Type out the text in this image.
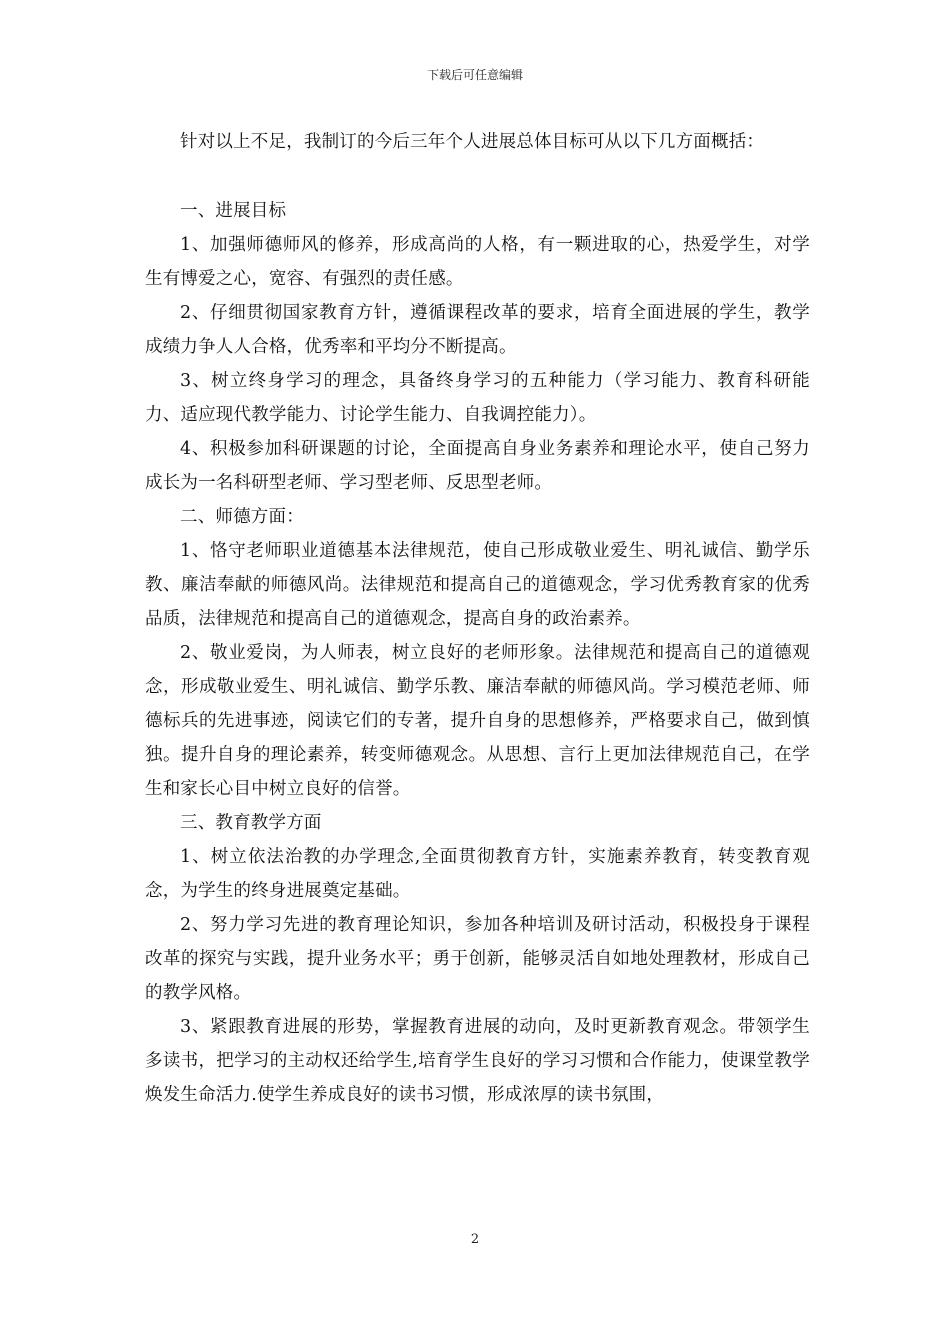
下载后可任意编辑

针对以上不足，我制订的今后三年个人进展总体目标可从以下几方面概括：

一、进展目标

1、加强师德师风的修养，形成高尚的人格，有一颗进取的心，热爱学生，对学生有博爱之心，宽容、有强烈的责任感。

2、仔细贯彻国家教育方针，遵循课程改革的要求，培育全面进展的学生，教学成绩力争人人合格，优秀率和平均分不断提高。

3、树立终身学习的理念，具备终身学习的五种能力（学习能力、教育科研能力、适应现代教学能力、讨论学生能力、自我调控能力）。

4、积极参加科研课题的讨论，全面提高自身业务素养和理论水平，使自己努力成长为一名科研型老师、学习型老师、反思型老师。

二、师德方面：

1、恪守老师职业道德基本法律规范，使自己形成敬业爱生、明礼诚信、勤学乐教、廉洁奉献的师德风尚。法律规范和提高自己的道德观念，学习优秀教育家的优秀品质，法律规范和提高自己的道德观念，提高自身的政治素养。

2、敬业爱岗，为人师表，树立良好的老师形象。法律规范和提高自己的道德观念，形成敬业爱生、明礼诚信、勤学乐教、廉洁奉献的师德风尚。学习模范老师、师德标兵的先进事迹，阅读它们的专著，提升自身的思想修养，严格要求自己，做到慎独。提升自身的理论素养，转变师德观念。从思想、言行上更加法律规范自己，在学生和家长心目中树立良好的信誉。

三、教育教学方面

1、树立依法治教的办学理念,全面贯彻教育方针，实施素养教育，转变教育观念，为学生的终身进展奠定基础。

2、努力学习先进的教育理论知识，参加各种培训及研讨活动，积极投身于课程改革的探究与实践，提升业务水平；勇于创新，能够灵活自如地处理教材，形成自己的教学风格。

3、紧跟教育进展的形势，掌握教育进展的动向，及时更新教育观念。带领学生多读书，把学习的主动权还给学生,培育学生良好的学习习惯和合作能力，使课堂教学焕发生命活力.使学生养成良好的读书习惯，形成浓厚的读书氛围，

2
